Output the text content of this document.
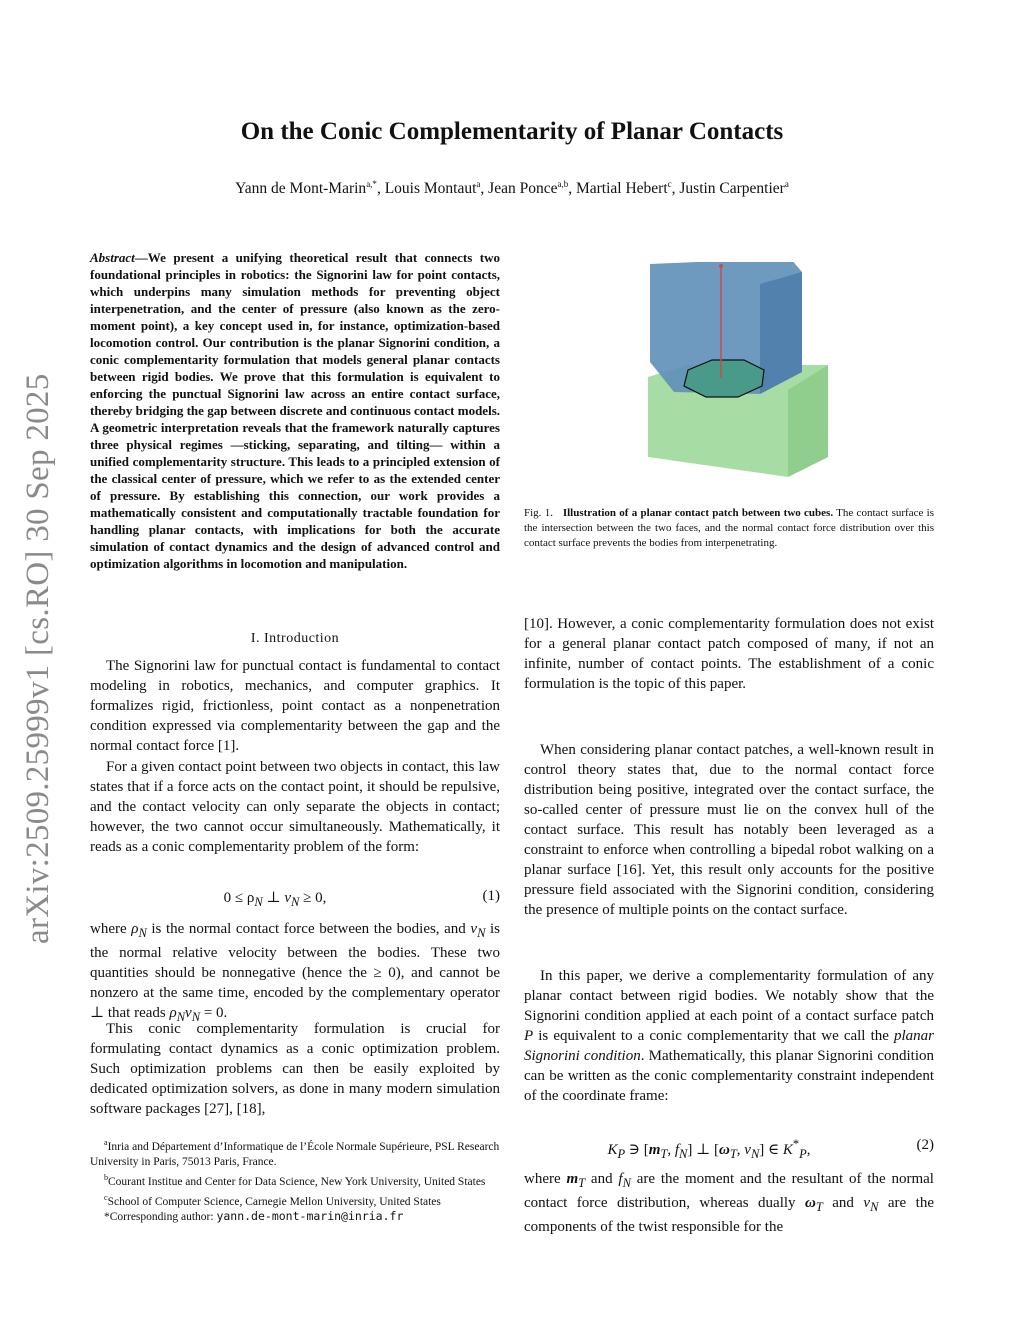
On the Conic Complementarity of Planar Contacts
Yann de Mont-Marin$^{a,*}$, Louis Montaut$^a$, Jean Ponce$^{a,b}$, Martial Hebert$^c$, Justin Carpentier$^a$
arXiv:2509.25999v1 [cs.RO] 30 Sep 2025
Abstract—We present a unifying theoretical result that connects two foundational principles in robotics: the Signorini law for point contacts, which underpins many simulation methods for preventing object interpenetration, and the center of pressure (also known as the zero-moment point), a key concept used in, for instance, optimization-based locomotion control. Our contribution is the planar Signorini condition, a conic complementarity formulation that models general planar contacts between rigid bodies. We prove that this formulation is equivalent to enforcing the punctual Signorini law across an entire contact surface, thereby bridging the gap between discrete and continuous contact models. A geometric interpretation reveals that the framework naturally captures three physical regimes —sticking, separating, and tilting— within a unified complementarity structure. This leads to a principled extension of the classical center of pressure, which we refer to as the extended center of pressure. By establishing this connection, our work provides a mathematically consistent and computationally tractable foundation for handling planar contacts, with implications for both the accurate simulation of contact dynamics and the design of advanced control and optimization algorithms in locomotion and manipulation.
I. Introduction

The Signorini law for punctual contact is fundamental to contact modeling in robotics, mechanics, and computer graphics. It formalizes rigid, frictionless, point contact as a nonpenetration condition expressed via complementarity between the gap and the normal contact force [1].

For a given contact point between two objects in contact, this law states that if a force acts on the contact point, it should be repulsive, and the contact velocity can only separate the objects in contact; however, the two cannot occur simultaneously. Mathematically, it reads as a conic complementarity problem of the form:

$0 \le \rho_N$ ⊥ $v_N \ge 0$,	(1)

where $\rho_N$ is the normal contact force between the bodies, and $v_N$ is the normal relative velocity between the bodies. These two quantities should be nonnegative (hence the ≥ 0), and cannot be nonzero at the same time, encoded by the complementary operator ⊥ that reads $\rho_Nv_N = 0$.

This conic complementarity formulation is crucial for formulating contact dynamics as a conic optimization problem. Such optimization problems can then be easily exploited by dedicated optimization solvers, as done in many modern simulation software packages [27], [18],

$^a$Inria and Département d’Informatique de l’École Normale Supérieure, PSL Research University in Paris, 75013 Paris, France.
$^b$Courant Institue and Center for Data Science, New York University, United States
$^c$School of Computer Science, Carnegie Mellon University, United States
*Corresponding author: yann.de-mont-marin@inria.fr
Fig. 1. Illustration of a planar contact patch between two cubes. The contact surface is the intersection between the two faces, and the normal contact force distribution over this contact surface prevents the bodies from interpenetrating.

[10]. However, a conic complementarity formulation does not exist for a general planar contact patch composed of many, if not an infinite, number of contact points. The establishment of a conic formulation is the topic of this paper.

When considering planar contact patches, a well-known result in control theory states that, due to the normal contact force distribution being positive, integrated over the contact surface, the so-called center of pressure must lie on the convex hull of the contact surface. This result has notably been leveraged as a constraint to enforce when controlling a bipedal robot walking on a planar surface [16]. Yet, this result only accounts for the positive pressure field associated with the Signorini condition, considering the presence of multiple points on the contact surface.

In this paper, we derive a complementarity formulation of any planar contact between rigid bodies. We notably show that the Signorini condition applied at each point of a contact surface patch P is equivalent to a conic complementarity that we call the planar Signorini condition. Mathematically, this planar Signorini condition can be written as the conic complementarity constraint independent of the coordinate frame:

$K_P$ ∋ [$m_T$, $f_N$] ⊥ [$\omega_T$, $v_N$] ∈ $K^*_P$,	(2)

where $m_T$ and $f_N$ are the moment and the resultant of the normal contact force distribution, whereas dually $\omega_T$ and $v_N$ are the components of the twist responsible for the
